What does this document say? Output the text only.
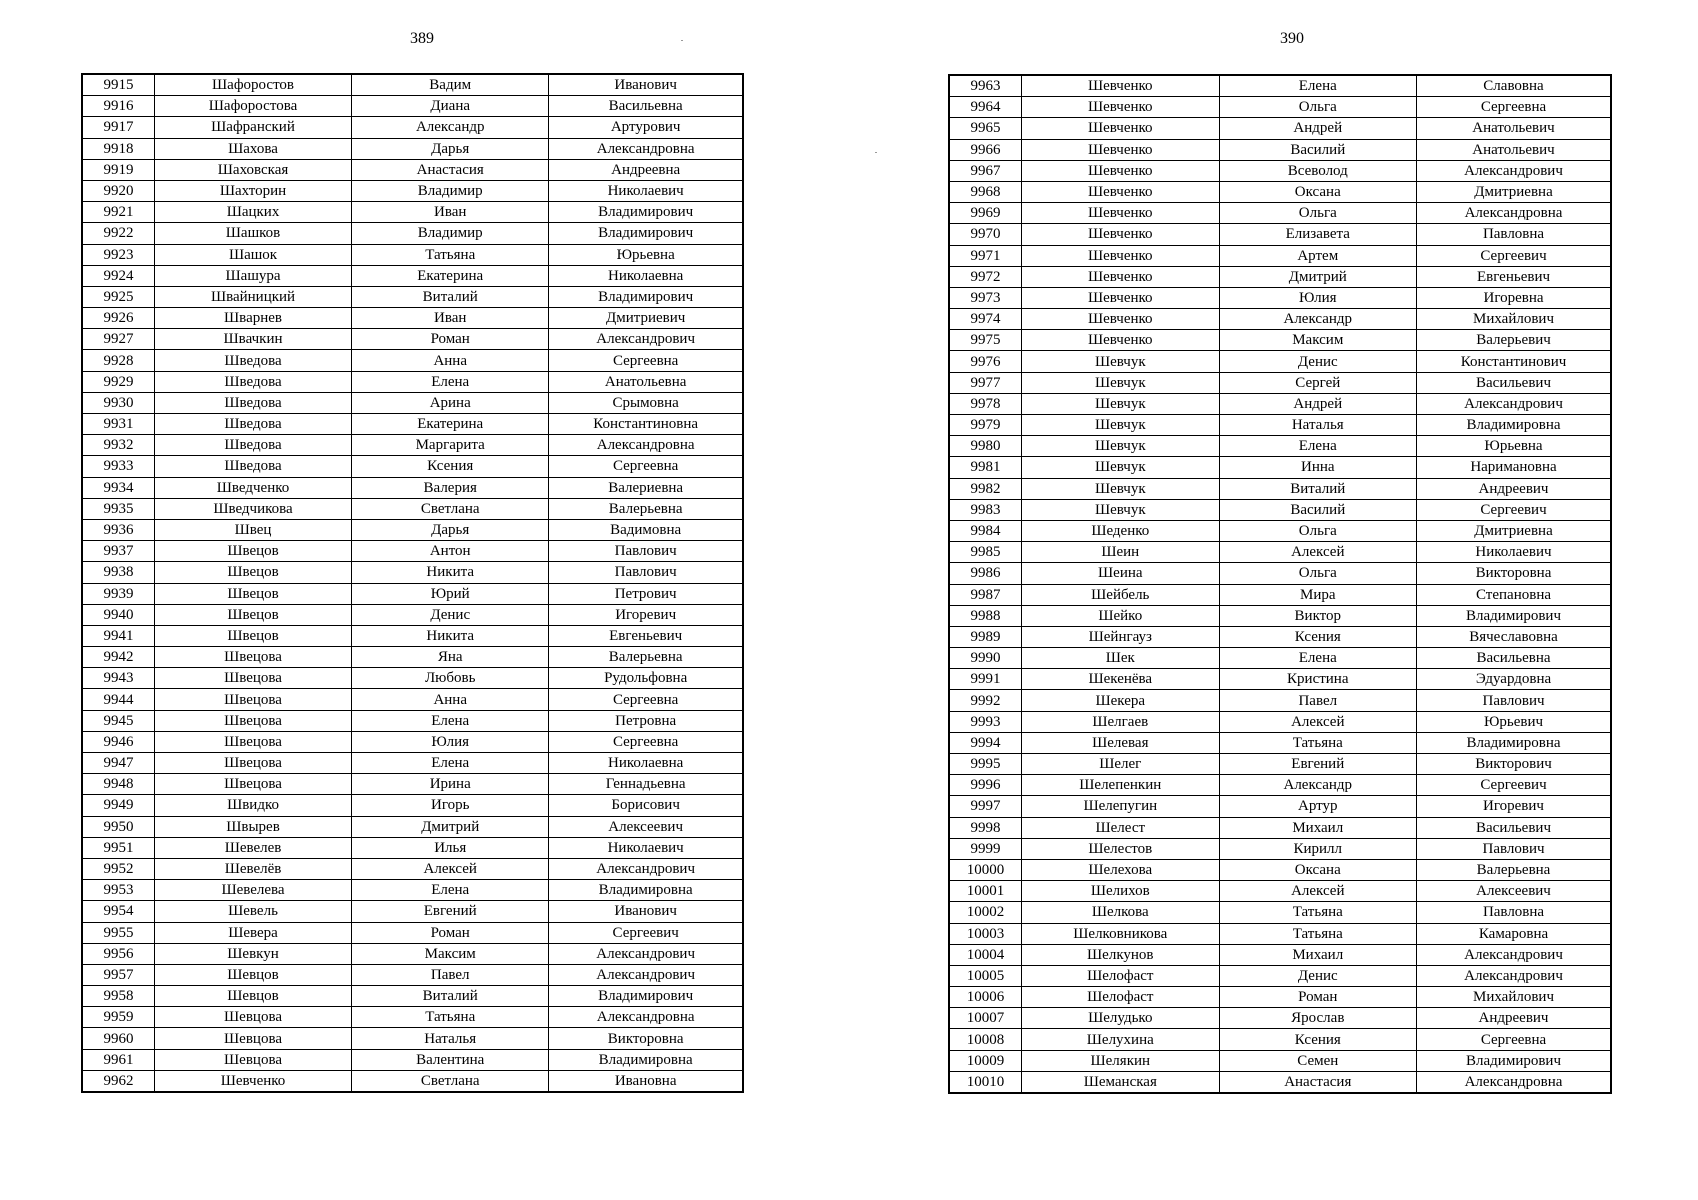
389
9915	Шафоростов	Вадим	Иванович
9916	Шафоростова	Диана	Васильевна
9917	Шафранский	Александр	Артурович
9918	Шахова	Дарья	Александровна
9919	Шаховская	Анастасия	Андреевна
9920	Шахторин	Владимир	Николаевич
9921	Шацких	Иван	Владимирович
9922	Шашков	Владимир	Владимирович
9923	Шашок	Татьяна	Юрьевна
9924	Шашура	Екатерина	Николаевна
9925	Швайницкий	Виталий	Владимирович
9926	Шварнев	Иван	Дмитриевич
9927	Швачкин	Роман	Александрович
9928	Шведова	Анна	Сергеевна
9929	Шведова	Елена	Анатольевна
9930	Шведова	Арина	Срымовна
9931	Шведова	Екатерина	Константиновна
9932	Шведова	Маргарита	Александровна
9933	Шведова	Ксения	Сергеевна
9934	Шведченко	Валерия	Валериевна
9935	Шведчикова	Светлана	Валерьевна
9936	Швец	Дарья	Вадимовна
9937	Швецов	Антон	Павлович
9938	Швецов	Никита	Павлович
9939	Швецов	Юрий	Петрович
9940	Швецов	Денис	Игоревич
9941	Швецов	Никита	Евгеньевич
9942	Швецова	Яна	Валерьевна
9943	Швецова	Любовь	Рудольфовна
9944	Швецова	Анна	Сергеевна
9945	Швецова	Елена	Петровна
9946	Швецова	Юлия	Сергеевна
9947	Швецова	Елена	Николаевна
9948	Швецова	Ирина	Геннадьевна
9949	Швидко	Игорь	Борисович
9950	Швырев	Дмитрий	Алексеевич
9951	Шевелев	Илья	Николаевич
9952	Шевелёв	Алексей	Александрович
9953	Шевелева	Елена	Владимировна
9954	Шевель	Евгений	Иванович
9955	Шевера	Роман	Сергеевич
9956	Шевкун	Максим	Александрович
9957	Шевцов	Павел	Александрович
9958	Шевцов	Виталий	Владимирович
9959	Шевцова	Татьяна	Александровна
9960	Шевцова	Наталья	Викторовна
9961	Шевцова	Валентина	Владимировна
9962	Шевченко	Светлана	Ивановна
390
9963	Шевченко	Елена	Славовна
9964	Шевченко	Ольга	Сергеевна
9965	Шевченко	Андрей	Анатольевич
9966	Шевченко	Василий	Анатольевич
9967	Шевченко	Всеволод	Александрович
9968	Шевченко	Оксана	Дмитриевна
9969	Шевченко	Ольга	Александровна
9970	Шевченко	Елизавета	Павловна
9971	Шевченко	Артем	Сергеевич
9972	Шевченко	Дмитрий	Евгеньевич
9973	Шевченко	Юлия	Игоревна
9974	Шевченко	Александр	Михайлович
9975	Шевченко	Максим	Валерьевич
9976	Шевчук	Денис	Константинович
9977	Шевчук	Сергей	Васильевич
9978	Шевчук	Андрей	Александрович
9979	Шевчук	Наталья	Владимировна
9980	Шевчук	Елена	Юрьевна
9981	Шевчук	Инна	Наримановна
9982	Шевчук	Виталий	Андреевич
9983	Шевчук	Василий	Сергеевич
9984	Шеденко	Ольга	Дмитриевна
9985	Шеин	Алексей	Николаевич
9986	Шеина	Ольга	Викторовна
9987	Шейбель	Мира	Степановна
9988	Шейко	Виктор	Владимирович
9989	Шейнгауз	Ксения	Вячеславовна
9990	Шек	Елена	Васильевна
9991	Шекенёва	Кристина	Эдуардовна
9992	Шекера	Павел	Павлович
9993	Шелгаев	Алексей	Юрьевич
9994	Шелевая	Татьяна	Владимировна
9995	Шелег	Евгений	Викторович
9996	Шелепенкин	Александр	Сергеевич
9997	Шелепугин	Артур	Игоревич
9998	Шелест	Михаил	Васильевич
9999	Шелестов	Кирилл	Павлович
10000	Шелехова	Оксана	Валерьевна
10001	Шелихов	Алексей	Алексеевич
10002	Шелкова	Татьяна	Павловна
10003	Шелковникова	Татьяна	Камаровна
10004	Шелкунов	Михаил	Александрович
10005	Шелофаст	Денис	Александрович
10006	Шелофаст	Роман	Михайлович
10007	Шелудько	Ярослав	Андреевич
10008	Шелухина	Ксения	Сергеевна
10009	Шелякин	Семен	Владимирович
10010	Шеманская	Анастасия	Александровна
